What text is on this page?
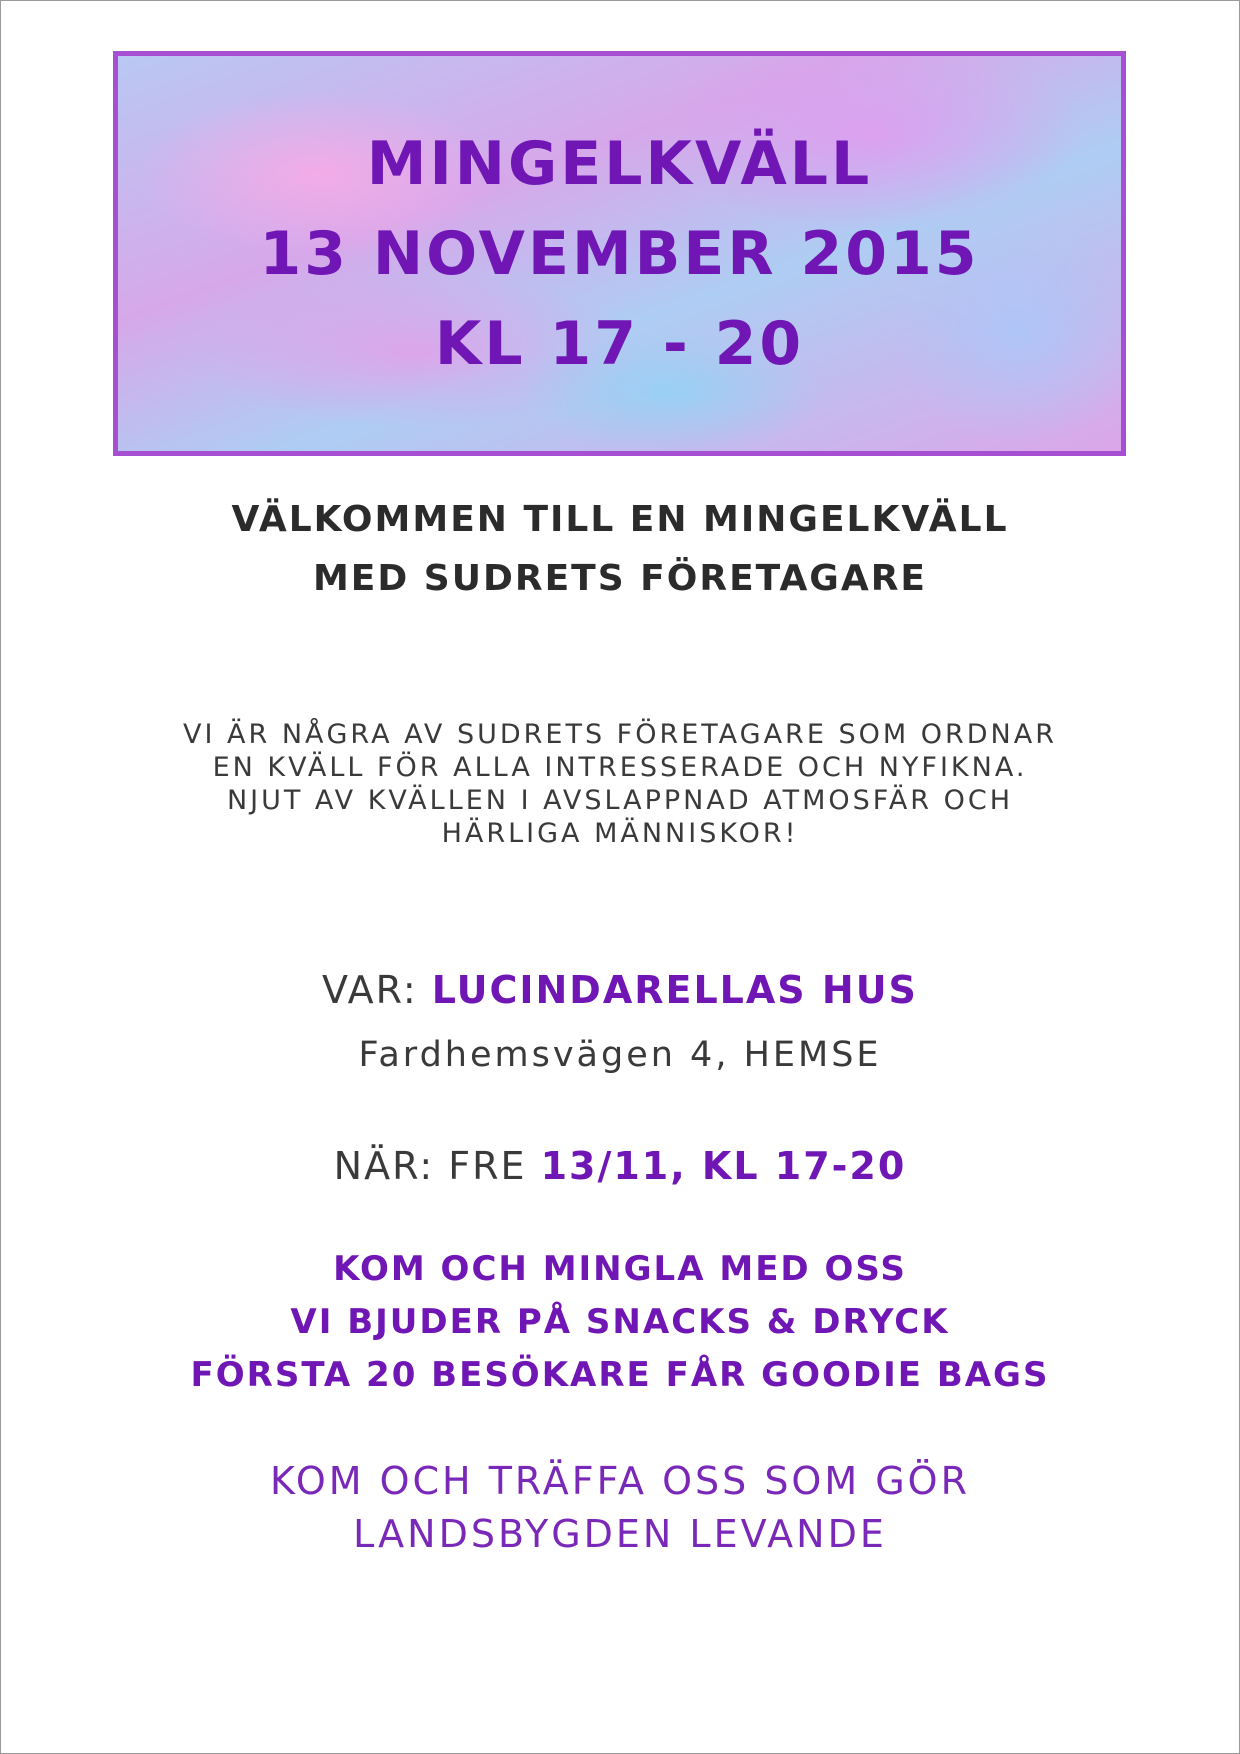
MINGELKVÄLL
13 NOVEMBER 2015
KL 17 - 20
VÄLKOMMEN TILL EN MINGELKVÄLL
MED SUDRETS FÖRETAGARE
VI ÄR NÅGRA AV SUDRETS FÖRETAGARE SOM ORDNAR
EN KVÄLL FÖR ALLA INTRESSERADE OCH NYFIKNA.
NJUT AV KVÄLLEN I AVSLAPPNAD ATMOSFÄR OCH
HÄRLIGA MÄNNISKOR!
VAR: LUCINDARELLAS HUS
Fardhemsvägen 4, HEMSE
NÄR: FRE 13/11, KL 17-20
KOM OCH MINGLA MED OSS
VI BJUDER PÅ SNACKS & DRYCK
FÖRSTA 20 BESÖKARE FÅR GOODIE BAGS
KOM OCH TRÄFFA OSS SOM GÖR
LANDSBYGDEN LEVANDE
